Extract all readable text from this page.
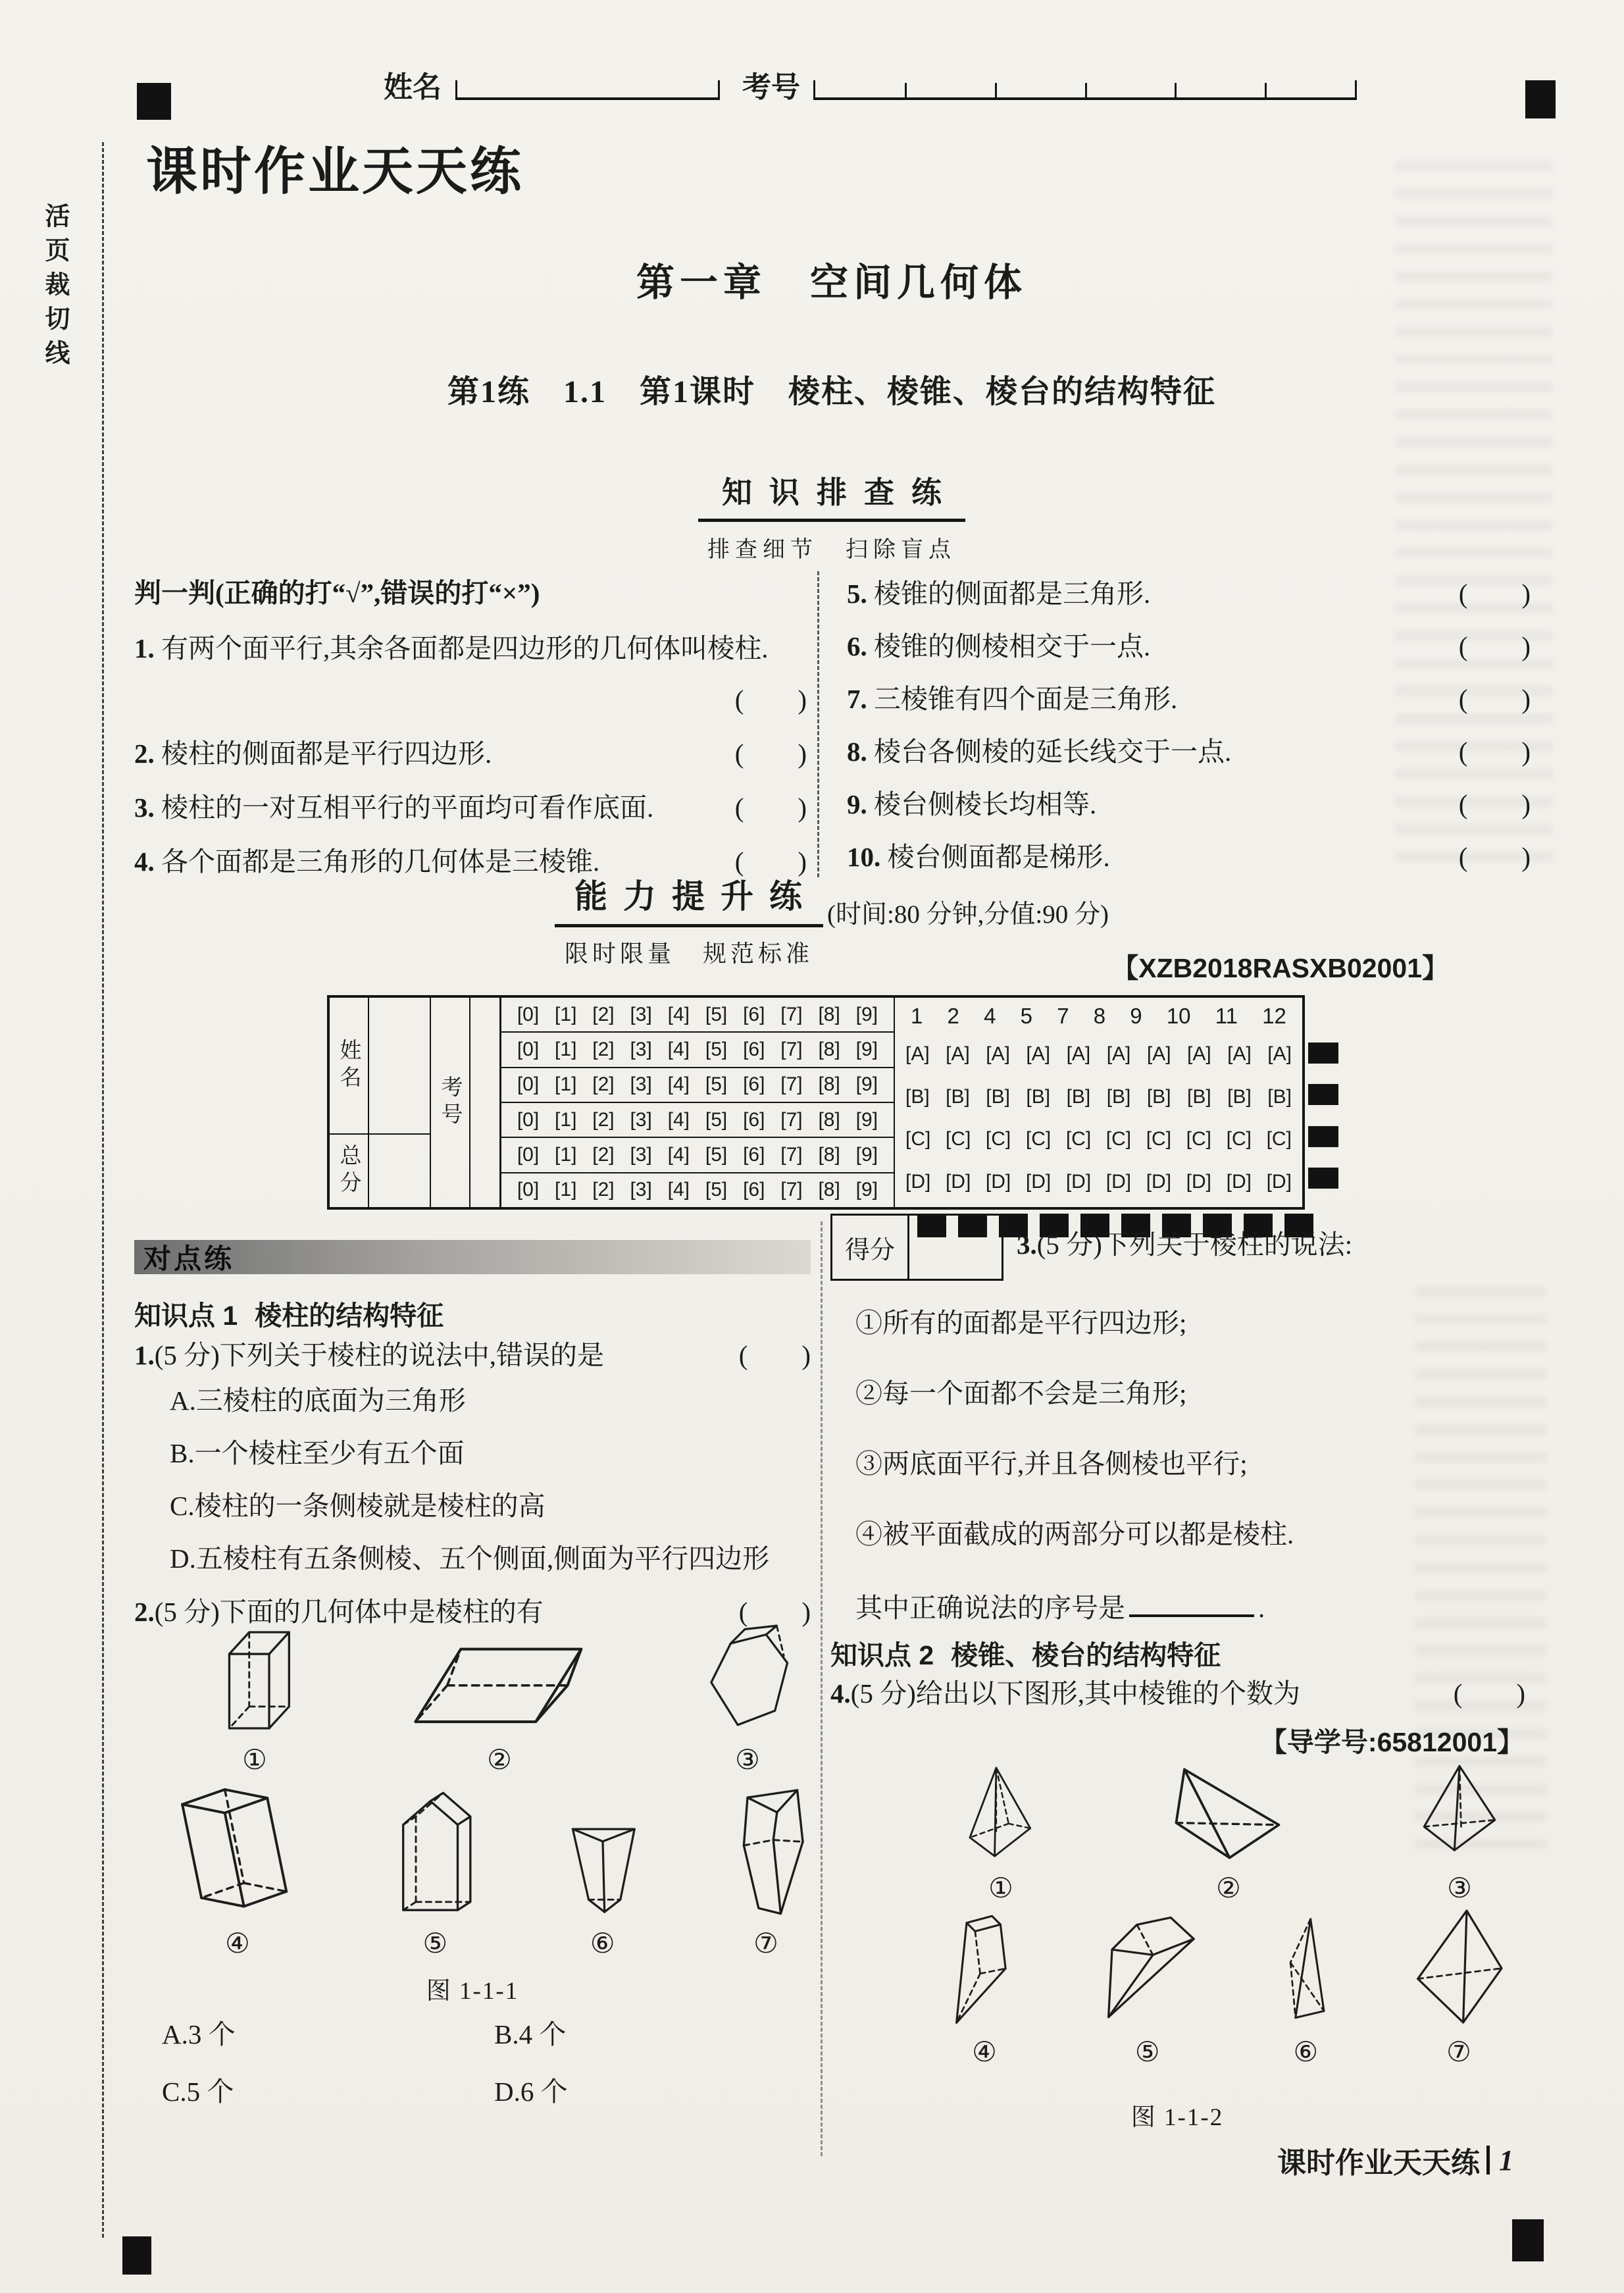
姓名	考号
课时作业天天练
活页裁切线	第一章　空间几何体
第1练　1.1　第1课时　棱柱、棱锥、棱台的结构特征
知识排查练
排查细节　扫除盲点
判一判(正确的打“√”,错误的打“×”)
1. 有两个面平行,其余各面都是四边形的几何体叫棱柱.
(　　)
2. 棱柱的侧面都是平行四边形.	(　　)
3. 棱柱的一对互相平行的平面均可看作底面.	(　　)
4. 各个面都是三角形的几何体是三棱锥.	(　　)
5. 棱锥的侧面都是三角形.	(　　)
6. 棱锥的侧棱相交于一点.	(　　)
7. 三棱锥有四个面是三角形.	(　　)
8. 棱台各侧棱的延长线交于一点.	(　　)
9. 棱台侧棱长均相等.	(　　)
10. 棱台侧面都是梯形.	(　　)
能力提升练
限时限量　规范标准
(时间:80 分钟,分值:90 分)
【XZB2018RASXB02001】
姓名
总分
考号
[0] [1] [2] [3] [4] [5] [6] [7] [8] [9]
[0] [1] [2] [3] [4] [5] [6] [7] [8] [9]
[0] [1] [2] [3] [4] [5] [6] [7] [8] [9]
[0] [1] [2] [3] [4] [5] [6] [7] [8] [9]
[0] [1] [2] [3] [4] [5] [6] [7] [8] [9]
[0] [1] [2] [3] [4] [5] [6] [7] [8] [9]
1 2 4 5 7 8 9 10 11 12
[A] [A] [A] [A] [A] [A] [A] [A] [A] [A]
[B] [B] [B] [B] [B] [B] [B] [B] [B] [B]
[C] [C] [C] [C] [C] [C] [C] [C] [C] [C]
[D] [D] [D] [D] [D] [D] [D] [D] [D] [D]
对点练
知识点 1 棱柱的结构特征
1.(5 分)下列关于棱柱的说法中,错误的是	(　　)
A.三棱柱的底面为三角形
B.一个棱柱至少有五个面
C.棱柱的一条侧棱就是棱柱的高
D.五棱柱有五条侧棱、五个侧面,侧面为平行四边形
2.(5 分)下面的几何体中是棱柱的有	(　　)
①	②	③
④	⑤	⑥	⑦
图 1-1-1
A.3 个	B.4 个
C.5 个	D.6 个
得分	3.(5 分)下列关于棱柱的说法:
①所有的面都是平行四边形;
②每一个面都不会是三角形;
③两底面平行,并且各侧棱也平行;
④被平面截成的两部分可以都是棱柱.
其中正确说法的序号是	.
知识点 2 棱锥、棱台的结构特征
4.(5 分)给出以下图形,其中棱锥的个数为	(　　)
【导学号:65812001】
①	②	③
④	⑤	⑥	⑦
图 1-1-2
课时作业天天练 1
